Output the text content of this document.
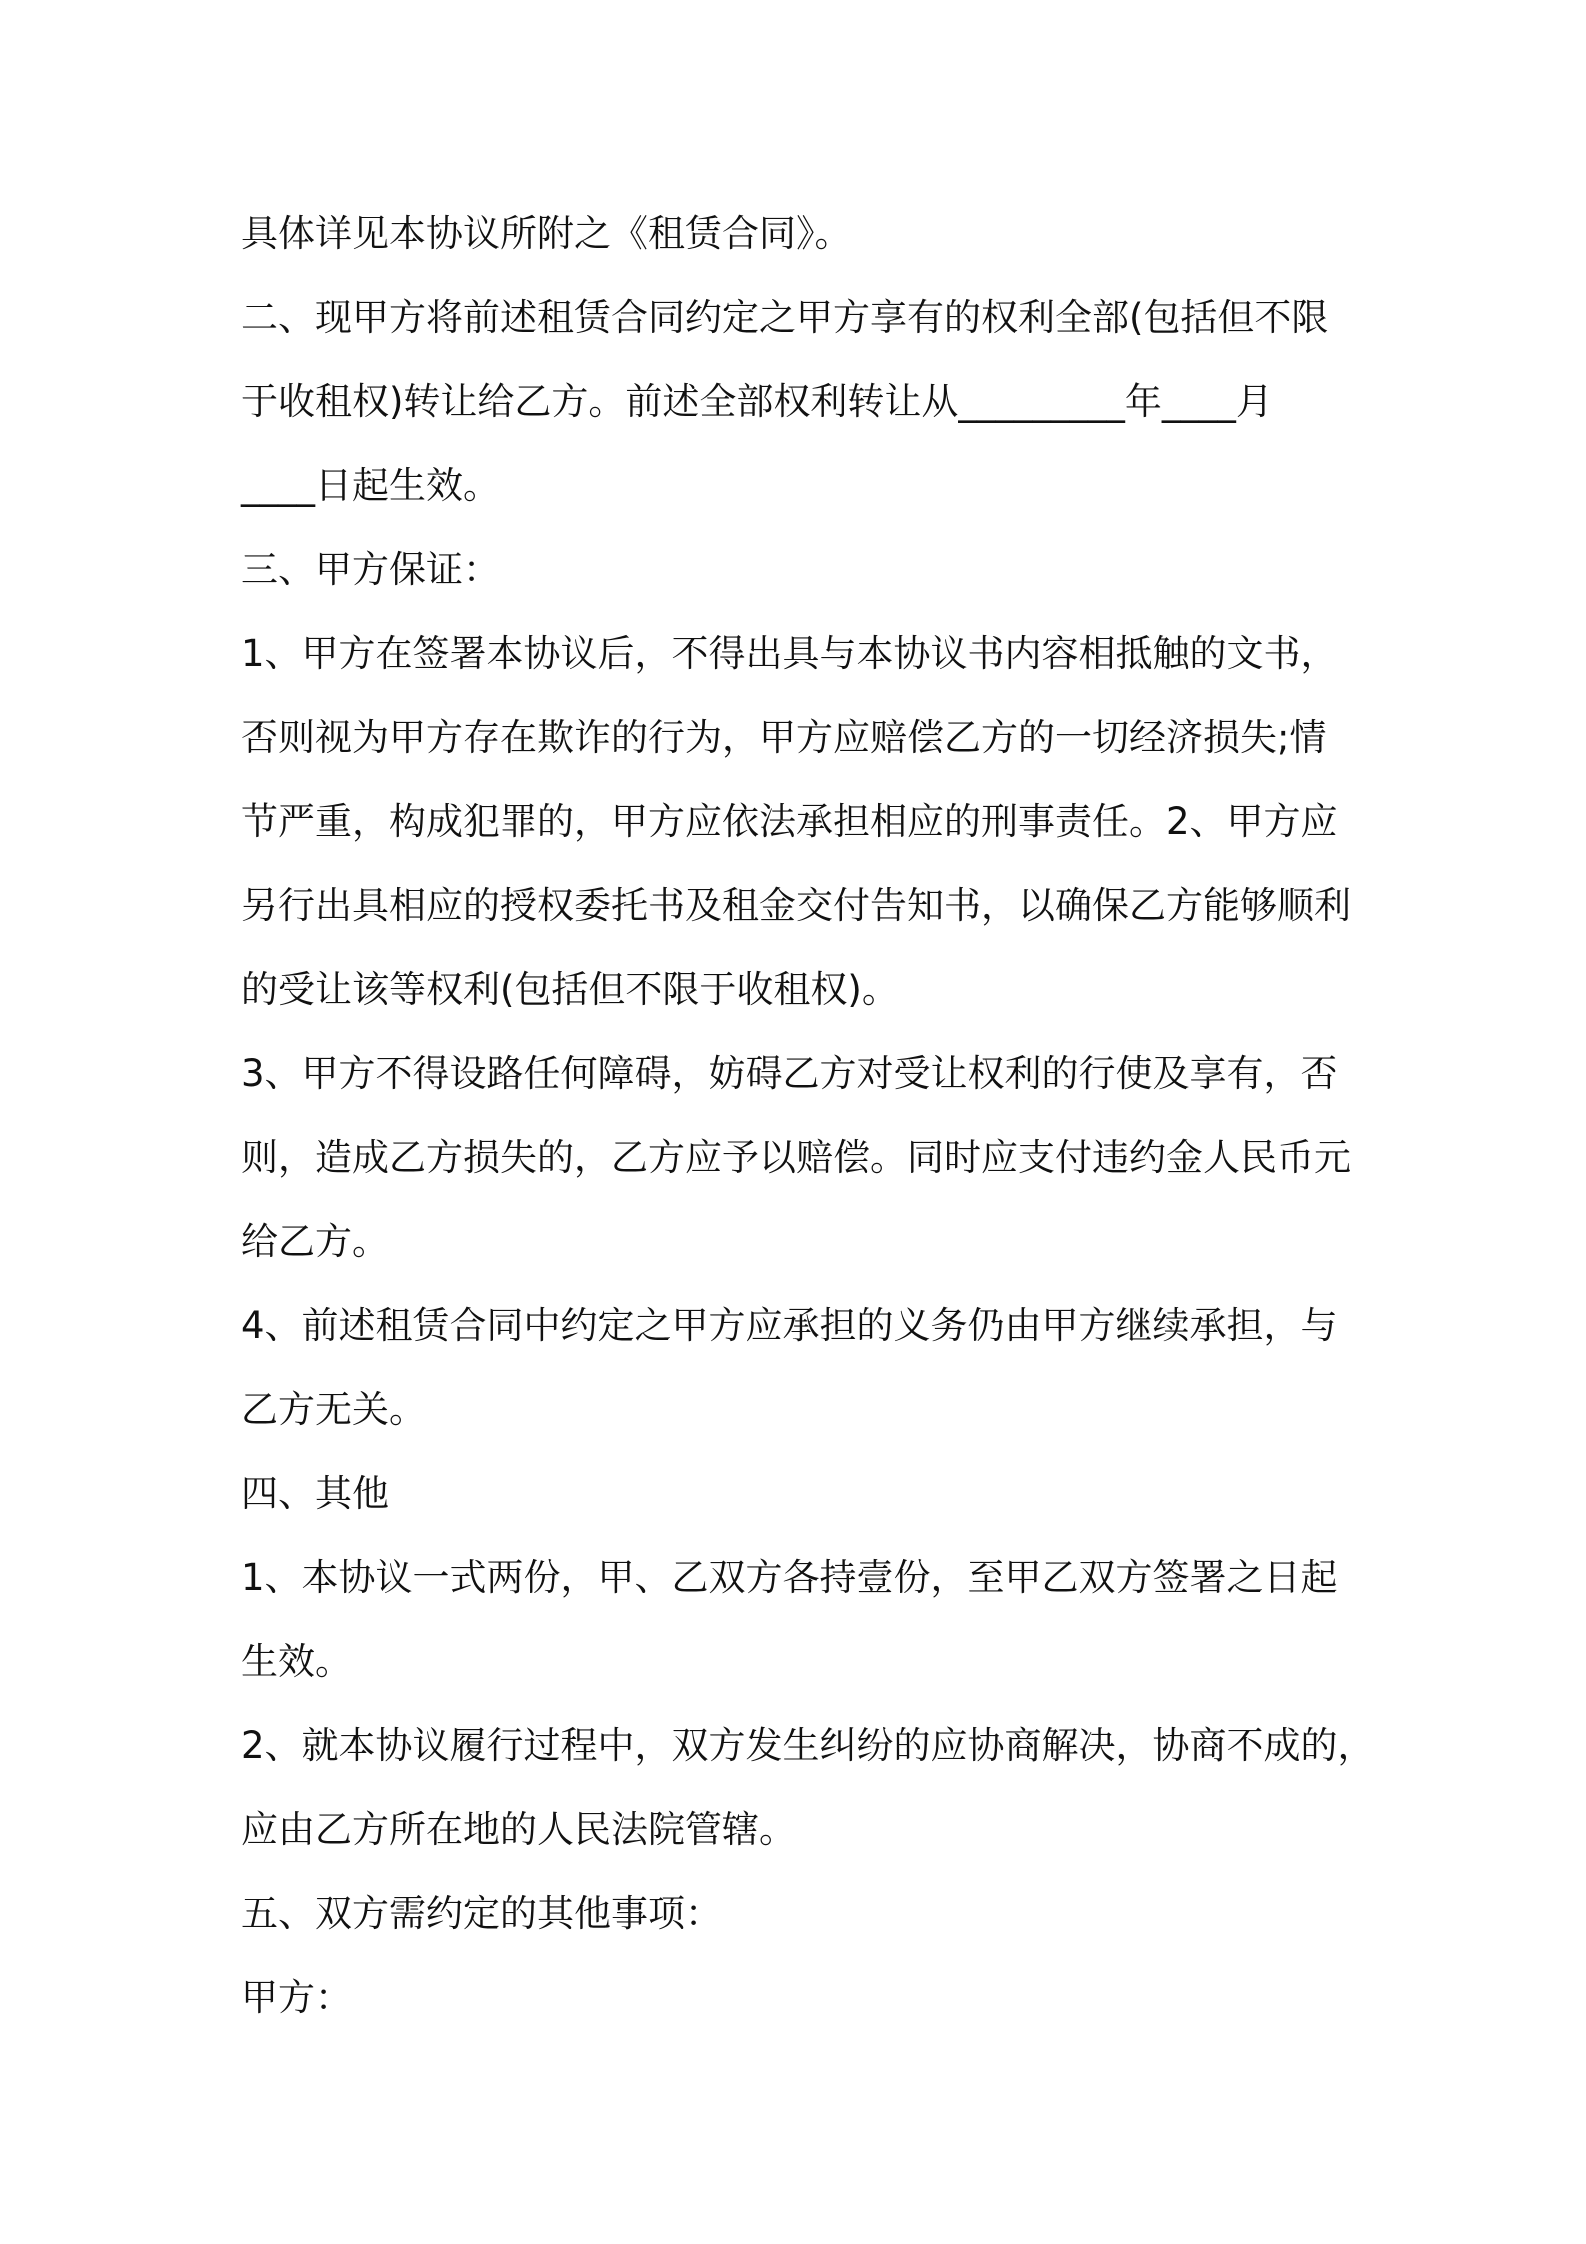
具体详见本协议所附之《租赁合同》。
二、现甲方将前述租赁合同约定之甲方享有的权利全部(包括但不限
于收租权)转让给乙方。前述全部权利转让从_________年____月
____日起生效。
三、甲方保证：
1、甲方在签署本协议后，不得出具与本协议书内容相抵触的文书，
否则视为甲方存在欺诈的行为，甲方应赔偿乙方的一切经济损失;情
节严重，构成犯罪的，甲方应依法承担相应的刑事责任。2、甲方应
另行出具相应的授权委托书及租金交付告知书，以确保乙方能够顺利
的受让该等权利(包括但不限于收租权)。
3、甲方不得设路任何障碍，妨碍乙方对受让权利的行使及享有，否
则，造成乙方损失的，乙方应予以赔偿。同时应支付违约金人民币元
给乙方。
4、前述租赁合同中约定之甲方应承担的义务仍由甲方继续承担，与
乙方无关。
四、其他
1、本协议一式两份，甲、乙双方各持壹份，至甲乙双方签署之日起
生效。
2、就本协议履行过程中，双方发生纠纷的应协商解决，协商不成的，
应由乙方所在地的人民法院管辖。
五、双方需约定的其他事项：
甲方：
